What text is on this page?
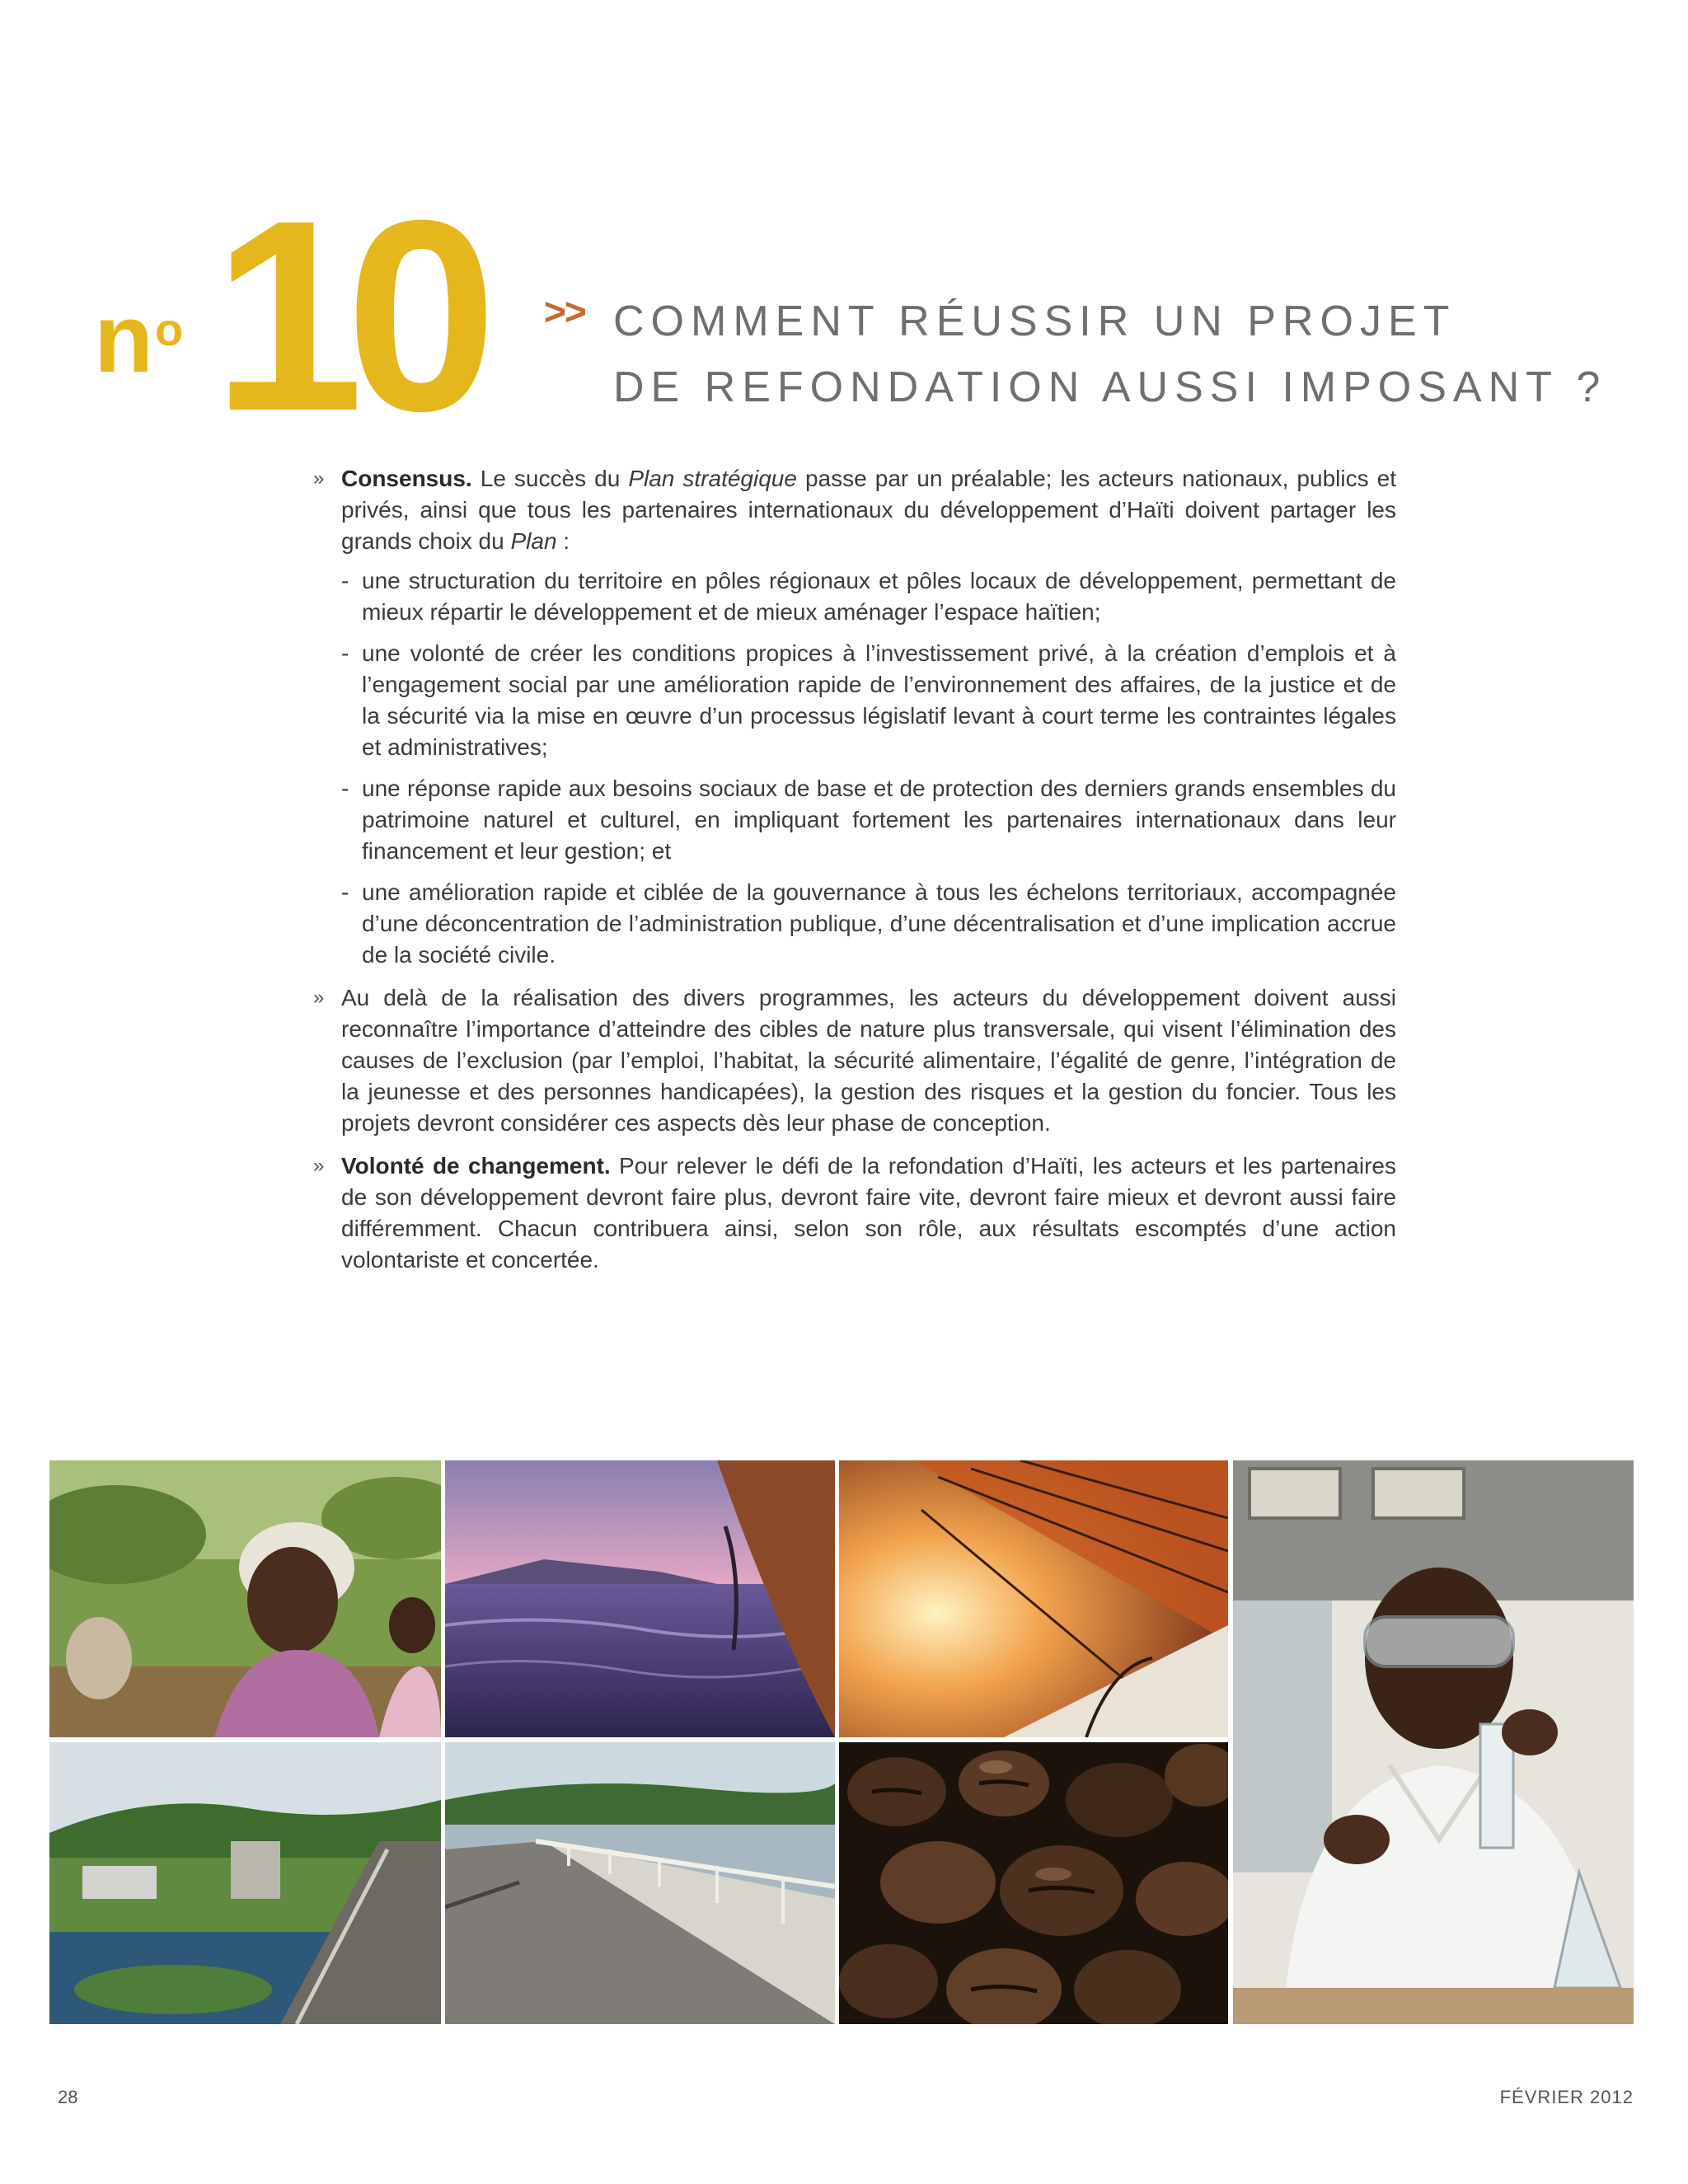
n o 10 >> COMMENT RÉUSSIR UN PROJET
DE REFONDATION AUSSI IMPOSANT ?
» Consensus. Le succès du Plan stratégique passe par un préalable; les acteurs nationaux, publics et privés, ainsi que tous les partenaires internationaux du développement d’Haïti doivent partager les grands choix du Plan :
- une structuration du territoire en pôles régionaux et pôles locaux de développement, permettant de mieux répartir le développement et de mieux aménager l’espace haïtien;
- une volonté de créer les conditions propices à l’investissement privé, à la création d’emplois et à l’engagement social par une amélioration rapide de l’environnement des affaires, de la justice et de la sécurité via la mise en œuvre d’un processus législatif levant à court terme les contraintes légales et administratives;
- une réponse rapide aux besoins sociaux de base et de protection des derniers grands ensembles du patrimoine naturel et culturel, en impliquant fortement les partenaires internationaux dans leur financement et leur gestion; et
- une amélioration rapide et ciblée de la gouvernance à tous les échelons territoriaux, accompagnée d’une déconcentration de l’administration publique, d’une décentralisation et d’une implication accrue de la société civile.
» Au delà de la réalisation des divers programmes, les acteurs du développement doivent aussi reconnaître l’importance d’atteindre des cibles de nature plus transversale, qui visent l’élimination des causes de l’exclusion (par l’emploi, l’habitat, la sécurité alimentaire, l’égalité de genre, l’intégration de la jeunesse et des personnes handicapées), la gestion des risques et la gestion du foncier. Tous les projets devront considérer ces aspects dès leur phase de conception.
» Volonté de changement. Pour relever le défi de la refondation d’Haïti, les acteurs et les partenaires de son développement devront faire plus, devront faire vite, devront faire mieux et devront aussi faire différemment. Chacun contribuera ainsi, selon son rôle, aux résultats escomptés d’une action volontariste et concertée.
28	FÉVRIER 2012
